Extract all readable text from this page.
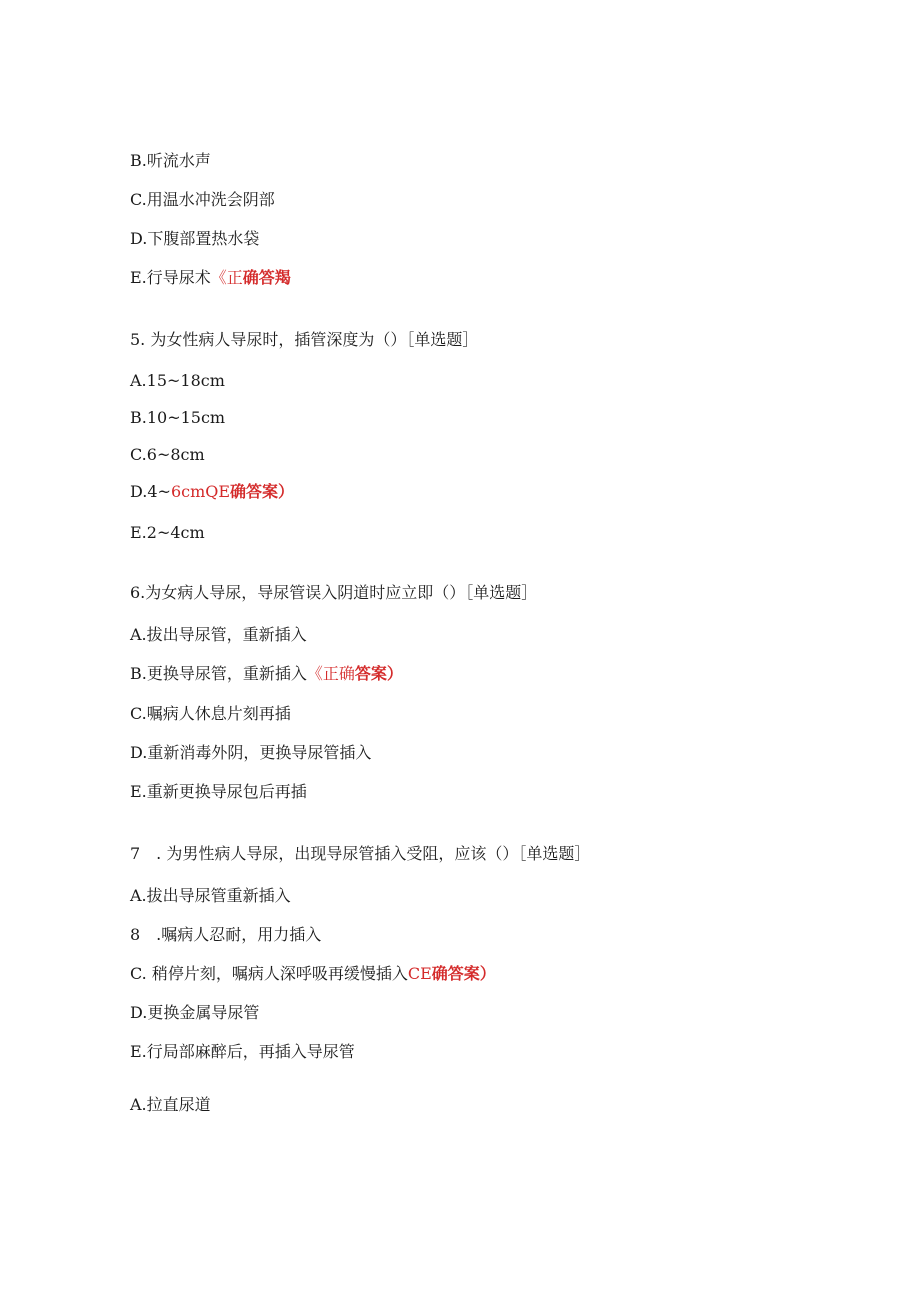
B.听流水声
C.用温水冲洗会阴部
D.下腹部置热水袋
E.行导尿术《正确答羯
5. 为女性病人导尿时，插管深度为（）［单选题］
A.15~18cm
B.10~15cm
C.6~8cm
D.4~6cmQE确答案）
E.2~4cm
6.为女病人导尿，导尿管误入阴道时应立即（）［单选题］
A.拔出导尿管，重新插入
B.更换导尿管，重新插入《正确答案）
C.嘱病人休息片刻再插
D.重新消毒外阴，更换导尿管插入
E.重新更换导尿包后再插
7　. 为男性病人导尿，出现导尿管插入受阻，应该（）［单选题］
A.拔出导尿管重新插入
8　.嘱病人忍耐，用力插入
C. 稍停片刻，嘱病人深呼吸再缓慢插入CE确答案）
D.更换金属导尿管
E.行局部麻醉后，再插入导尿管
A.拉直尿道
